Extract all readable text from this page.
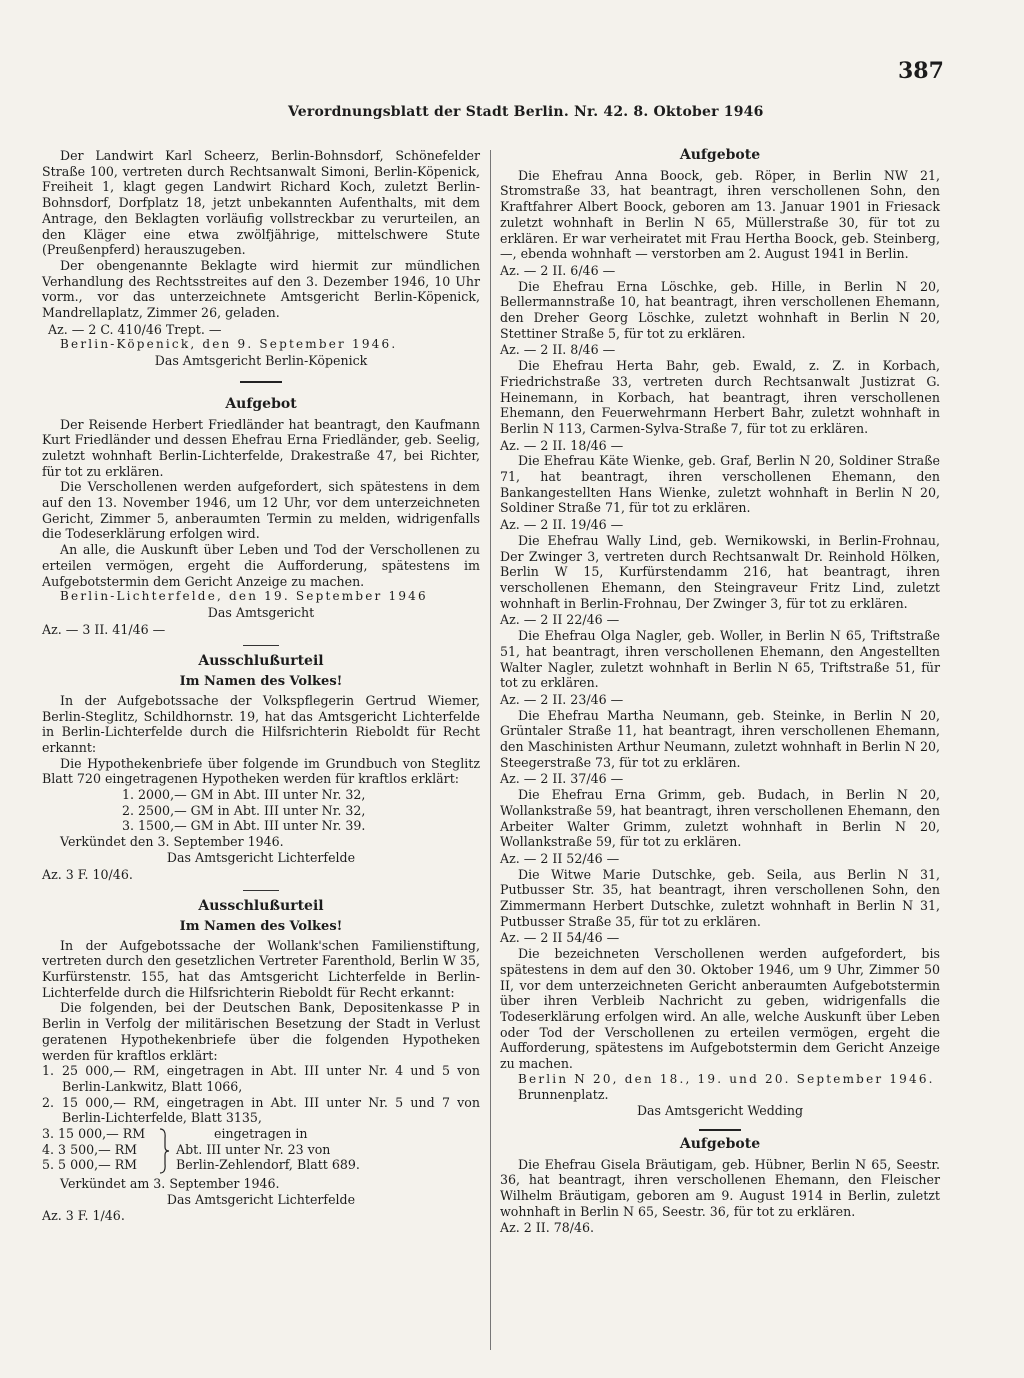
Verordnungsblatt der Stadt Berlin. Nr. 42. 8. Oktober 1946
387

Der Landwirt Karl Scheerz, Berlin-Bohnsdorf, Schönefelder Straße 100, vertreten durch Rechtsanwalt Simoni, Berlin-Köpenick, Freiheit 1, klagt gegen Landwirt Richard Koch, zuletzt Berlin-Bohnsdorf, Dorfplatz 18, jetzt unbekannten Aufenthalts, mit dem Antrage, den Beklagten vorläufig vollstreckbar zu verurteilen, an den Kläger eine etwa zwölfjährige, mittelschwere Stute (Preußenpferd) herauszugeben.

Der obengenannte Beklagte wird hiermit zur mündlichen Verhandlung des Rechtsstreites auf den 3. Dezember 1946, 10 Uhr vorm., vor das unterzeichnete Amtsgericht Berlin-Köpenick, Mandrellaplatz, Zimmer 26, geladen.

Az. — 2 C. 410/46 Trept. —

Berlin-Köpenick, den 9. September 1946.

Das Amtsgericht Berlin-Köpenick

Aufgebot

Der Reisende Herbert Friedländer hat beantragt, den Kaufmann Kurt Friedländer und dessen Ehefrau Erna Friedländer, geb. Seelig, zuletzt wohnhaft Berlin-Lichterfelde, Drakestraße 47, bei Richter, für tot zu erklären.

Die Verschollenen werden aufgefordert, sich spätestens in dem auf den 13. November 1946, um 12 Uhr, vor dem unterzeichneten Gericht, Zimmer 5, anberaumten Termin zu melden, widrigenfalls die Todeserklärung erfolgen wird.

An alle, die Auskunft über Leben und Tod der Verschollenen zu erteilen vermögen, ergeht die Aufforderung, spätestens im Aufgebotstermin dem Gericht Anzeige zu machen.

Berlin-Lichterfelde, den 19. September 1946

Das Amtsgericht

Az. — 3 II. 41/46 —

Ausschlußurteil

Im Namen des Volkes!

In der Aufgebotssache der Volkspflegerin Gertrud Wiemer, Berlin-Steglitz, Schildhornstr. 19, hat das Amtsgericht Lichterfelde in Berlin-Lichterfelde durch die Hilfsrichterin Rieboldt für Recht erkannt:

Die Hypothekenbriefe über folgende im Grundbuch von Steglitz Blatt 720 eingetragenen Hypotheken werden für kraftlos erklärt:

1. 2000,— GM in Abt. III unter Nr. 32,

2. 2500,— GM in Abt. III unter Nr. 32,

3. 1500,— GM in Abt. III unter Nr. 39.

Verkündet den 3. September 1946.

Das Amtsgericht Lichterfelde

Az. 3 F. 10/46.

Ausschlußurteil

Im Namen des Volkes!

In der Aufgebotssache der Wollank'schen Familienstiftung, vertreten durch den gesetzlichen Vertreter Farenthold, Berlin W 35, Kurfürstenstr. 155, hat das Amtsgericht Lichterfelde in Berlin-Lichterfelde durch die Hilfsrichterin Rieboldt für Recht erkannt:

Die folgenden, bei der Deutschen Bank, Depositenkasse P in Berlin in Verfolg der militärischen Besetzung der Stadt in Verlust geratenen Hypothekenbriefe über die folgenden Hypotheken werden für kraftlos erklärt:

1. 25 000,— RM, eingetragen in Abt. III unter Nr. 4 und 5 von Berlin-Lankwitz, Blatt 1066,

2. 15 000,— RM, eingetragen in Abt. III unter Nr. 5 und 7 von Berlin-Lichterfelde, Blatt 3135,

3. 15 000,— RM
4. 3 500,— RM
5. 5 000,— RM
eingetragen in
Abt. III unter Nr. 23 von
Berlin-Zehlendorf, Blatt 689.

Verkündet am 3. September 1946.

Das Amtsgericht Lichterfelde

Az. 3 F. 1/46.

Aufgebote

Die Ehefrau Anna Boock, geb. Röper, in Berlin NW 21, Stromstraße 33, hat beantragt, ihren verschollenen Sohn, den Kraftfahrer Albert Boock, geboren am 13. Januar 1901 in Friesack zuletzt wohnhaft in Berlin N 65, Müllerstraße 30, für tot zu erklären. Er war verheiratet mit Frau Hertha Boock, geb. Steinberg, —, ebenda wohnhaft — verstorben am 2. August 1941 in Berlin.

Az. — 2 II. 6/46 —

Die Ehefrau Erna Löschke, geb. Hille, in Berlin N 20, Bellermannstraße 10, hat beantragt, ihren verschollenen Ehemann, den Dreher Georg Löschke, zuletzt wohnhaft in Berlin N 20, Stettiner Straße 5, für tot zu erklären.

Az. — 2 II. 8/46 —

Die Ehefrau Herta Bahr, geb. Ewald, z. Z. in Korbach, Friedrichstraße 33, vertreten durch Rechtsanwalt Justizrat G. Heinemann, in Korbach, hat beantragt, ihren verschollenen Ehemann, den Feuerwehrmann Herbert Bahr, zuletzt wohnhaft in Berlin N 113, Carmen-Sylva-Straße 7, für tot zu erklären.

Az. — 2 II. 18/46 —

Die Ehefrau Käte Wienke, geb. Graf, Berlin N 20, Soldiner Straße 71, hat beantragt, ihren verschollenen Ehemann, den Bankangestellten Hans Wienke, zuletzt wohnhaft in Berlin N 20, Soldiner Straße 71, für tot zu erklären.

Az. — 2 II. 19/46 —

Die Ehefrau Wally Lind, geb. Wernikowski, in Berlin-Frohnau, Der Zwinger 3, vertreten durch Rechtsanwalt Dr. Reinhold Hölken, Berlin W 15, Kurfürstendamm 216, hat beantragt, ihren verschollenen Ehemann, den Steingraveur Fritz Lind, zuletzt wohnhaft in Berlin-Frohnau, Der Zwinger 3, für tot zu erklären.

Az. — 2 II 22/46 —

Die Ehefrau Olga Nagler, geb. Woller, in Berlin N 65, Triftstraße 51, hat beantragt, ihren verschollenen Ehemann, den Angestellten Walter Nagler, zuletzt wohnhaft in Berlin N 65, Triftstraße 51, für tot zu erklären.

Az. — 2 II. 23/46 —

Die Ehefrau Martha Neumann, geb. Steinke, in Berlin N 20, Grüntaler Straße 11, hat beantragt, ihren verschollenen Ehemann, den Maschinisten Arthur Neumann, zuletzt wohnhaft in Berlin N 20, Steegerstraße 73, für tot zu erklären.

Az. — 2 II. 37/46 —

Die Ehefrau Erna Grimm, geb. Budach, in Berlin N 20, Wollankstraße 59, hat beantragt, ihren verschollenen Ehemann, den Arbeiter Walter Grimm, zuletzt wohnhaft in Berlin N 20, Wollankstraße 59, für tot zu erklären.

Az. — 2 II 52/46 —

Die Witwe Marie Dutschke, geb. Seila, aus Berlin N 31, Putbusser Str. 35, hat beantragt, ihren verschollenen Sohn, den Zimmermann Herbert Dutschke, zuletzt wohnhaft in Berlin N 31, Putbusser Straße 35, für tot zu erklären.

Az. — 2 II 54/46 —

Die bezeichneten Verschollenen werden aufgefordert, bis spätestens in dem auf den 30. Oktober 1946, um 9 Uhr, Zimmer 50 II, vor dem unterzeichneten Gericht anberaumten Aufgebotstermin über ihren Verbleib Nachricht zu geben, widrigenfalls die Todeserklärung erfolgen wird. An alle, welche Auskunft über Leben oder Tod der Verschollenen zu erteilen vermögen, ergeht die Aufforderung, spätestens im Aufgebotstermin dem Gericht Anzeige zu machen.

Berlin N 20, den 18., 19. und 20. September 1946.

Brunnenplatz.

Das Amtsgericht Wedding

Aufgebote

Die Ehefrau Gisela Bräutigam, geb. Hübner, Berlin N 65, Seestr. 36, hat beantragt, ihren verschollenen Ehemann, den Fleischer Wilhelm Bräutigam, geboren am 9. August 1914 in Berlin, zuletzt wohnhaft in Berlin N 65, Seestr. 36, für tot zu erklären.

Az. 2 II. 78/46.
